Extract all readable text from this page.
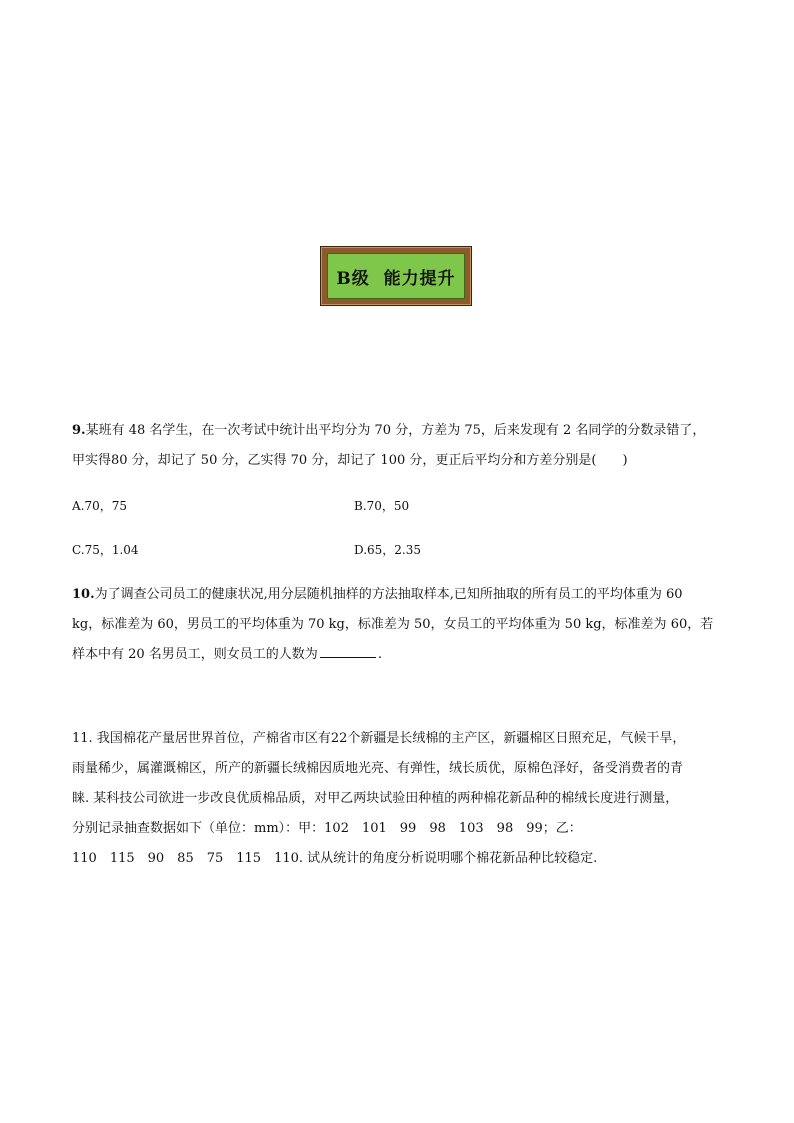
B级  能力提升

9.某班有 48 名学生，在一次考试中统计出平均分为 70 分，方差为 75，后来发现有 2 名同学的分数录错了，

甲实得80 分，却记了 50 分，乙实得 70 分，却记了 100 分，更正后平均分和方差分别是(　　)

A.70，75	B.70，50
C.75，1.04	D.65，2.35

10.为了调查公司员工的健康状况,用分层随机抽样的方法抽取样本,已知所抽取的所有员工的平均体重为 60

kg，标准差为 60，男员工的平均体重为 70 kg，标准差为 50，女员工的平均体重为 50 kg，标准差为 60，若

样本中有 20 名男员工，则女员工的人数为	.

11. 我国棉花产量居世界首位，产棉省市区有22个新疆是长绒棉的主产区，新疆棉区日照充足，气候干旱，

雨量稀少，属灌溉棉区，所产的新疆长绒棉因质地光亮、有弹性，绒长质优，原棉色泽好，备受消费者的青

睐. 某科技公司欲进一步改良优质棉品质，对甲乙两块试验田种植的两种棉花新品种的棉绒长度进行测量，

分别记录抽查数据如下（单位：mm）：甲：102　101　99　98　103　98　99；乙：

110　115　90　85　75　115　110. 试从统计的角度分析说明哪个棉花新品种比较稳定.
